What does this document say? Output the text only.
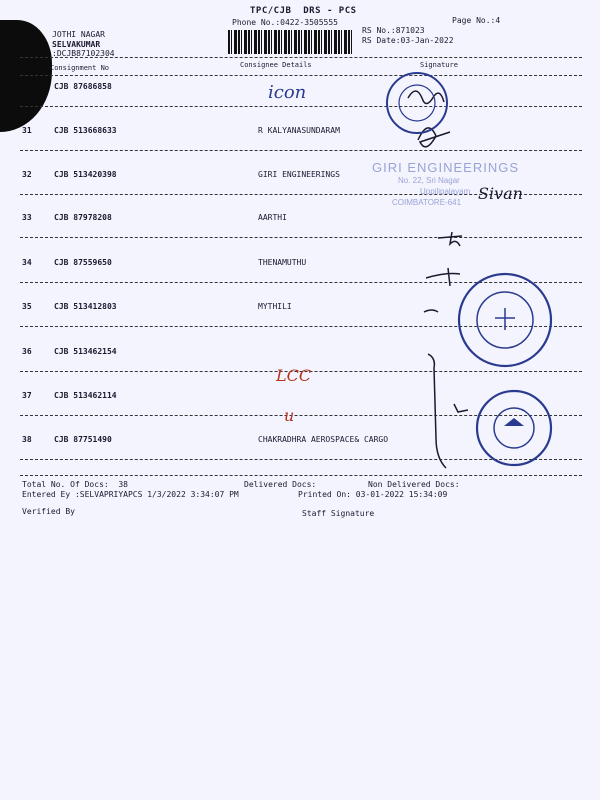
TPC/CJB  DRS - PCS
Phone No.:0422-3505555
RS No.:871023
RS Date:03-Jan-2022
Page No.:4
JOTHI NAGAR
SELVAKUMAR
:DCJB87102304
Consignment No	Consignee Details	Signature
CJB 87686858
31	CJB 513668633	R KALYANASUNDARAM
32	CJB 513420398	GIRI ENGINEERINGS
33	CJB 87978208	AARTHI
34	CJB 87559650	THENAMUTHU
35	CJB 513412803	MYTHILI
36	CJB 513462154
37	CJB 513462114
38	CJB 87751490	CHAKRADHRA AEROSPACE& CARGO
icon
Sivan
LCC
u
GIRI ENGINEERINGS
No. 22, Sri Nagar
Uppilipalayam
COIMBATORE-641
Total No. Of Docs:  38	Delivered Docs:	Non Delivered Docs:
Entered Ey :SELVAPRIYAPCS 1/3/2022 3:34:07 PM	Printed On: 03-01-2022 15:34:09
Verified By	Staff Signature
